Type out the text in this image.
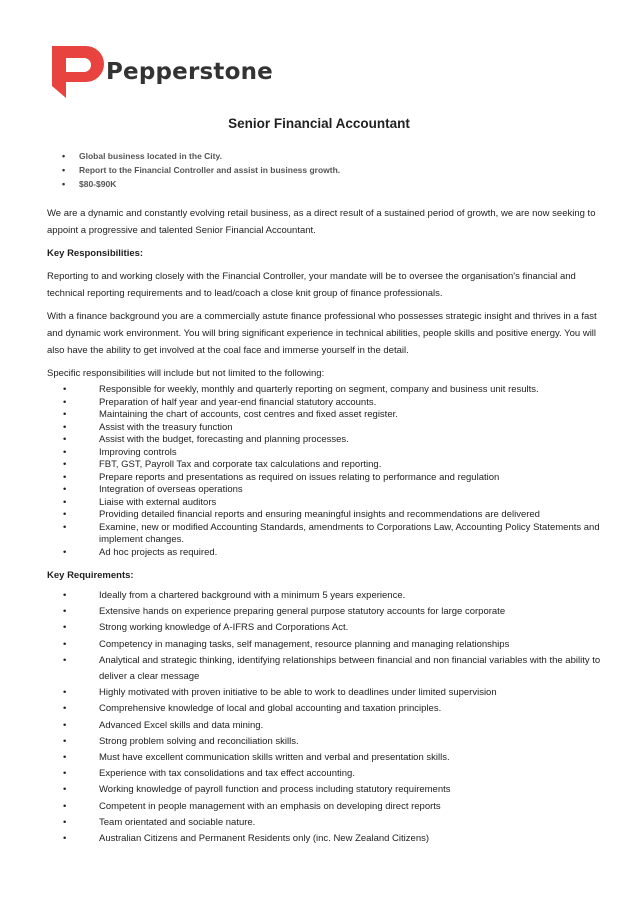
Pepperstone
Senior Financial Accountant
•	Global business located in the City.
•	Report to the Financial Controller and assist in business growth.
•	$80-$90K

We are a dynamic and constantly evolving retail business, as a direct result of a sustained period of growth, we are now seeking to appoint a progressive and talented Senior Financial Accountant.

Key Responsibilities:

Reporting to and working closely with the Financial Controller, your mandate will be to oversee the organisation's financial and technical reporting requirements and to lead/coach a close knit group of finance professionals.

With a finance background you are a commercially astute finance professional who possesses strategic insight and thrives in a fast and dynamic work environment. You will bring significant experience in technical abilities, people skills and positive energy. You will also have the ability to get involved at the coal face and immerse yourself in the detail.

Specific responsibilities will include but not limited to the following:

•	Responsible for weekly, monthly and quarterly reporting on segment, company and business unit results.
•	Preparation of half year and year-end financial statutory accounts.
•	Maintaining the chart of accounts, cost centres and fixed asset register.
•	Assist with the treasury function
•	Assist with the budget, forecasting and planning processes.
•	Improving controls
•	FBT, GST, Payroll Tax and corporate tax calculations and reporting.
•	Prepare reports and presentations as required on issues relating to performance and regulation
•	Integration of overseas operations
•	Liaise with external auditors
•	Providing detailed financial reports and ensuring meaningful insights and recommendations are delivered
•	Examine, new or modified Accounting Standards, amendments to Corporations Law, Accounting Policy Statements and implement changes.
•	Ad hoc projects as required.

Key Requirements:

•	Ideally from a chartered background with a minimum 5 years experience.
•	Extensive hands on experience preparing general purpose statutory accounts for large corporate
•	Strong working knowledge of A-IFRS and Corporations Act.
•	Competency in managing tasks, self management, resource planning and managing relationships
•	Analytical and strategic thinking, identifying relationships between financial and non financial variables with the ability to deliver a clear message
•	Highly motivated with proven initiative to be able to work to deadlines under limited supervision
•	Comprehensive knowledge of local and global accounting and taxation principles.
•	Advanced Excel skills and data mining.
•	Strong problem solving and reconciliation skills.
•	Must have excellent communication skills written and verbal and presentation skills.
•	Experience with tax consolidations and tax effect accounting.
•	Working knowledge of payroll function and process including statutory requirements
•	Competent in people management with an emphasis on developing direct reports
•	Team orientated and sociable nature.
•	Australian Citizens and Permanent Residents only (inc. New Zealand Citizens)
